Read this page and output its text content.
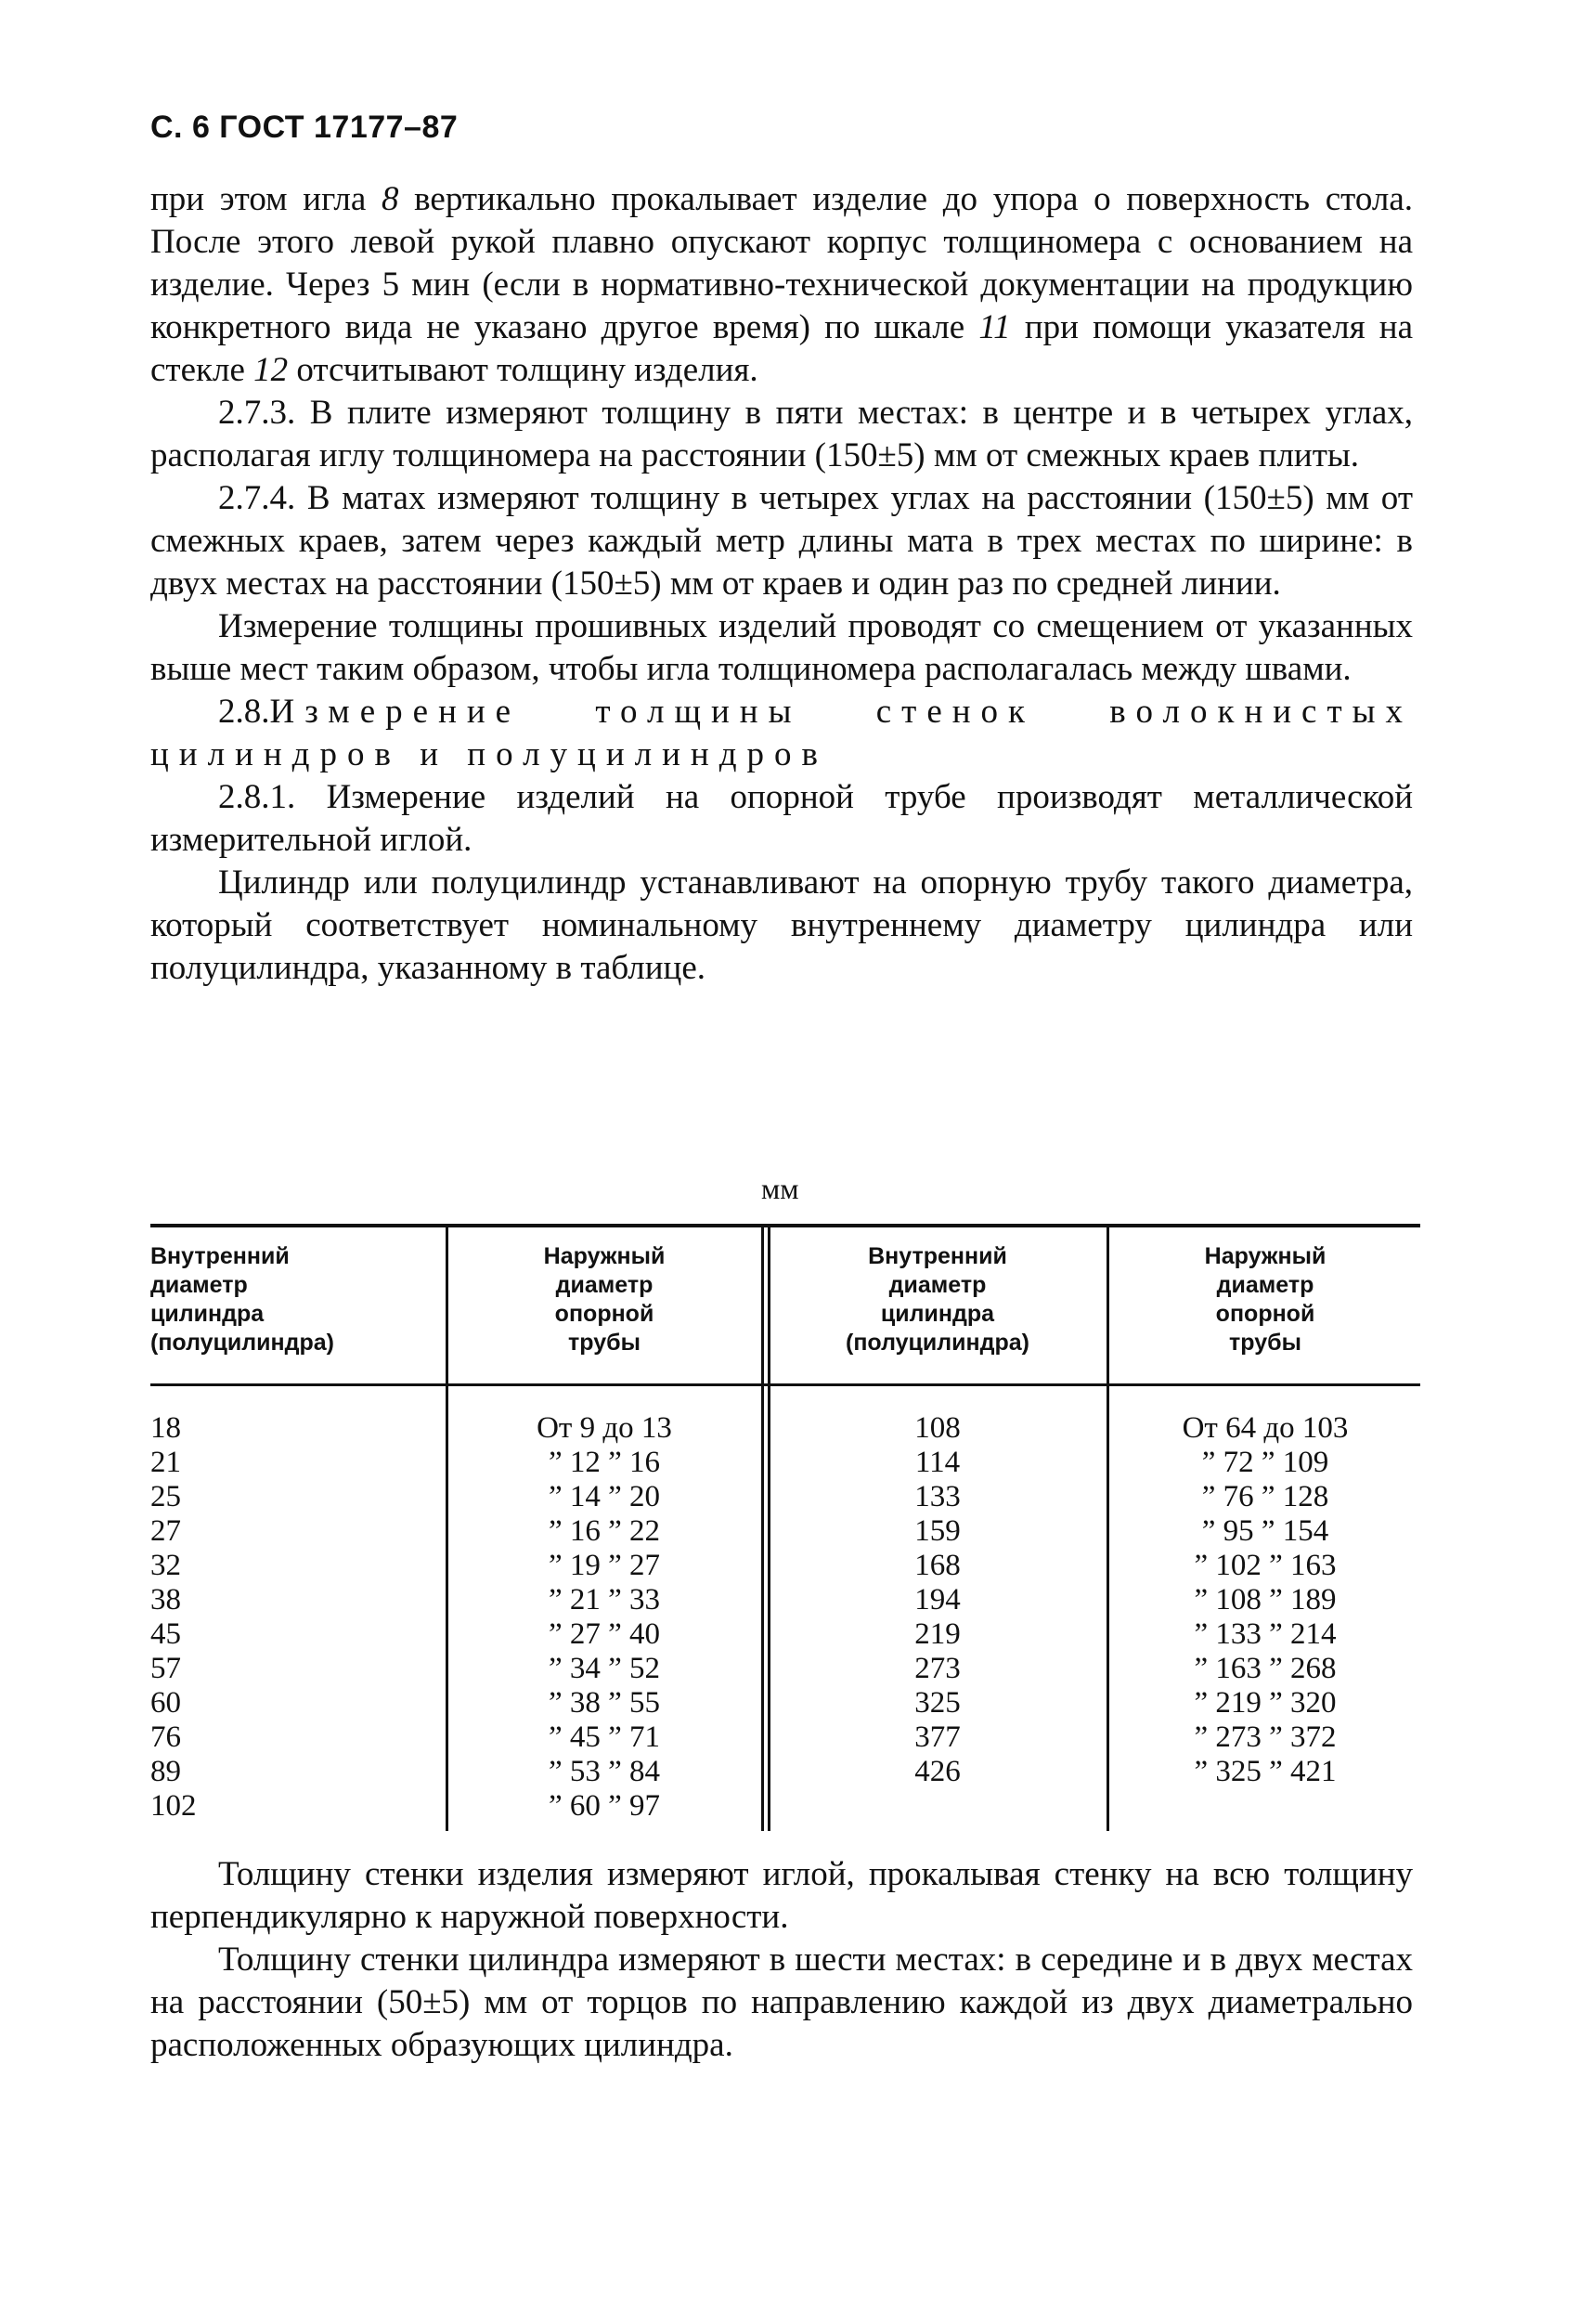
С. 6 ГОСТ 17177–87

при этом игла 8 вертикально прокалывает изделие до упора о поверхность стола. После этого левой рукой плавно опускают корпус толщиномера с основанием на изделие. Через 5 мин (если в нормативно-технической документации на продукцию конкретного вида не указано другое время) по шкале 11 при помощи указателя на стекле 12 отсчитывают толщину изделия.

2.7.3. В плите измеряют толщину в пяти местах: в центре и в четырех углах, располагая иглу толщиномера на расстоянии (150±5) мм от смежных краев плиты.

2.7.4. В матах измеряют толщину в четырех углах на расстоянии (150±5) мм от смежных краев, затем через каждый метр длины мата в трех местах по ширине: в двух местах на расстоянии (150±5) мм от краев и один раз по средней линии.

Измерение толщины прошивных изделий проводят со смещением от указанных выше мест таким образом, чтобы игла толщиномера располагалась между швами.

2.8.Измерение толщины стенок волокнистых цилиндров и полуцилиндров

2.8.1. Измерение изделий на опорной трубе производят металлической измерительной иглой.

Цилиндр или полуцилиндр устанавливают на опорную трубу такого диаметра, который соответствует номинальному внутреннему диаметру цилиндра или полуцилиндра, указанному в таблице.

мм
Внутренний
диаметр
цилиндра
(полуцилиндра)
Наружный
диаметр
опорной
трубы
Внутренний
диаметр
цилиндра
(полуцилиндра)
Наружный
диаметр
опорной
трубы
18
21
25
27
32
38
45
57
60
76
89
102
От 9 до 13
” 12 ” 16
” 14 ” 20
” 16 ” 22
” 19 ” 27
” 21 ” 33
” 27 ” 40
” 34 ” 52
” 38 ” 55
” 45 ” 71
” 53 ” 84
” 60 ” 97
108
114
133
159
168
194
219
273
325
377
426
От 64 до 103
” 72 ” 109
” 76 ” 128
” 95 ” 154
” 102 ” 163
” 108 ” 189
” 133 ” 214
” 163 ” 268
” 219 ” 320
” 273 ” 372
” 325 ” 421

Толщину стенки изделия измеряют иглой, прокалывая стенку на всю толщину перпендикулярно к наружной поверхности.

Толщину стенки цилиндра измеряют в шести местах: в середине и в двух местах на расстоянии (50±5) мм от торцов по направлению каждой из двух диаметрально расположенных образующих цилиндра.
